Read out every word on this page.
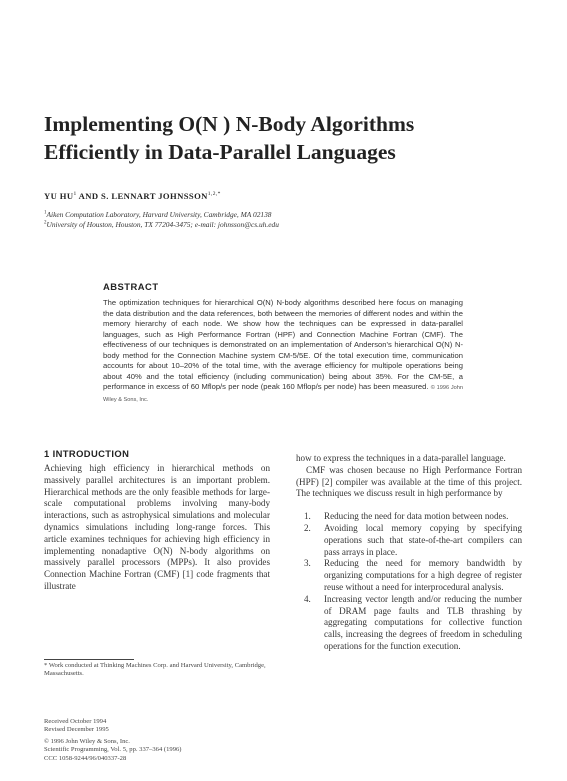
Implementing O(N ) N-Body Algorithms
Efficiently in Data-Parallel Languages
YU $HU^1$ AND S. LENNART $JOHNSSON^{1,2,*}$
$^1$Aiken Computation Laboratory, Harvard University, Cambridge, MA 02138
$^2$University of Houston, Houston, TX 77204-3475; e-mail: johnsson@cs.uh.edu
ABSTRACT
The optimization techniques for hierarchical O(N) N-body algorithms described here focus on managing the data distribution and the data references, both between the memories of different nodes and within the memory hierarchy of each node. We show how the techniques can be expressed in data-parallel languages, such as High Performance Fortran (HPF) and Connection Machine Fortran (CMF). The effectiveness of our techniques is demonstrated on an implementation of Anderson's hierarchical O(N) N-body method for the Connection Machine system CM-5/5E. Of the total execution time, communication accounts for about 10–20% of the total time, with the average efficiency for multipole operations being about 40% and the total efficiency (including communication) being about 35%. For the CM-5E, a performance in excess of 60 Mflop/s per node (peak 160 Mflop/s per node) has been measured. © 1996 John Wiley & Sons, Inc.
1 INTRODUCTION

Achieving high efficiency in hierarchical methods on massively parallel architectures is an important problem. Hierarchical methods are the only feasible methods for large-scale computational problems involving many-body interactions, such as astrophysical simulations and molecular dynamics simulations including long-range forces. This article examines techniques for achieving high efficiency in implementing nonadaptive O(N) N-body algorithms on massively parallel processors (MPPs). It also provides Connection Machine Fortran (CMF) [1] code fragments that illustrate

how to express the techniques in a data-parallel language.

CMF was chosen because no High Performance Fortran (HPF) [2] compiler was available at the time of this project. The techniques we discuss result in high performance by

1. Reducing the need for data motion between nodes.
2. Avoiding local memory copying by specifying operations such that state-of-the-art compilers can pass arrays in place.
3. Reducing the need for memory bandwidth by organizing computations for a high degree of register reuse without a need for interprocedural analysis.
4. Increasing vector length and/or reducing the number of DRAM page faults and TLB thrashing by aggregating computations for collective function calls, increasing the degrees of freedom in scheduling operations for the function execution.

* Work conducted at Thinking Machines Corp. and Harvard University, Cambridge, Massachusetts.

Received October 1994

Revised December 1995

© 1996 John Wiley & Sons, Inc.

Scientific Programming, Vol. 5, pp. 337–364 (1996)

CCC 1058-9244/96/040337-28
